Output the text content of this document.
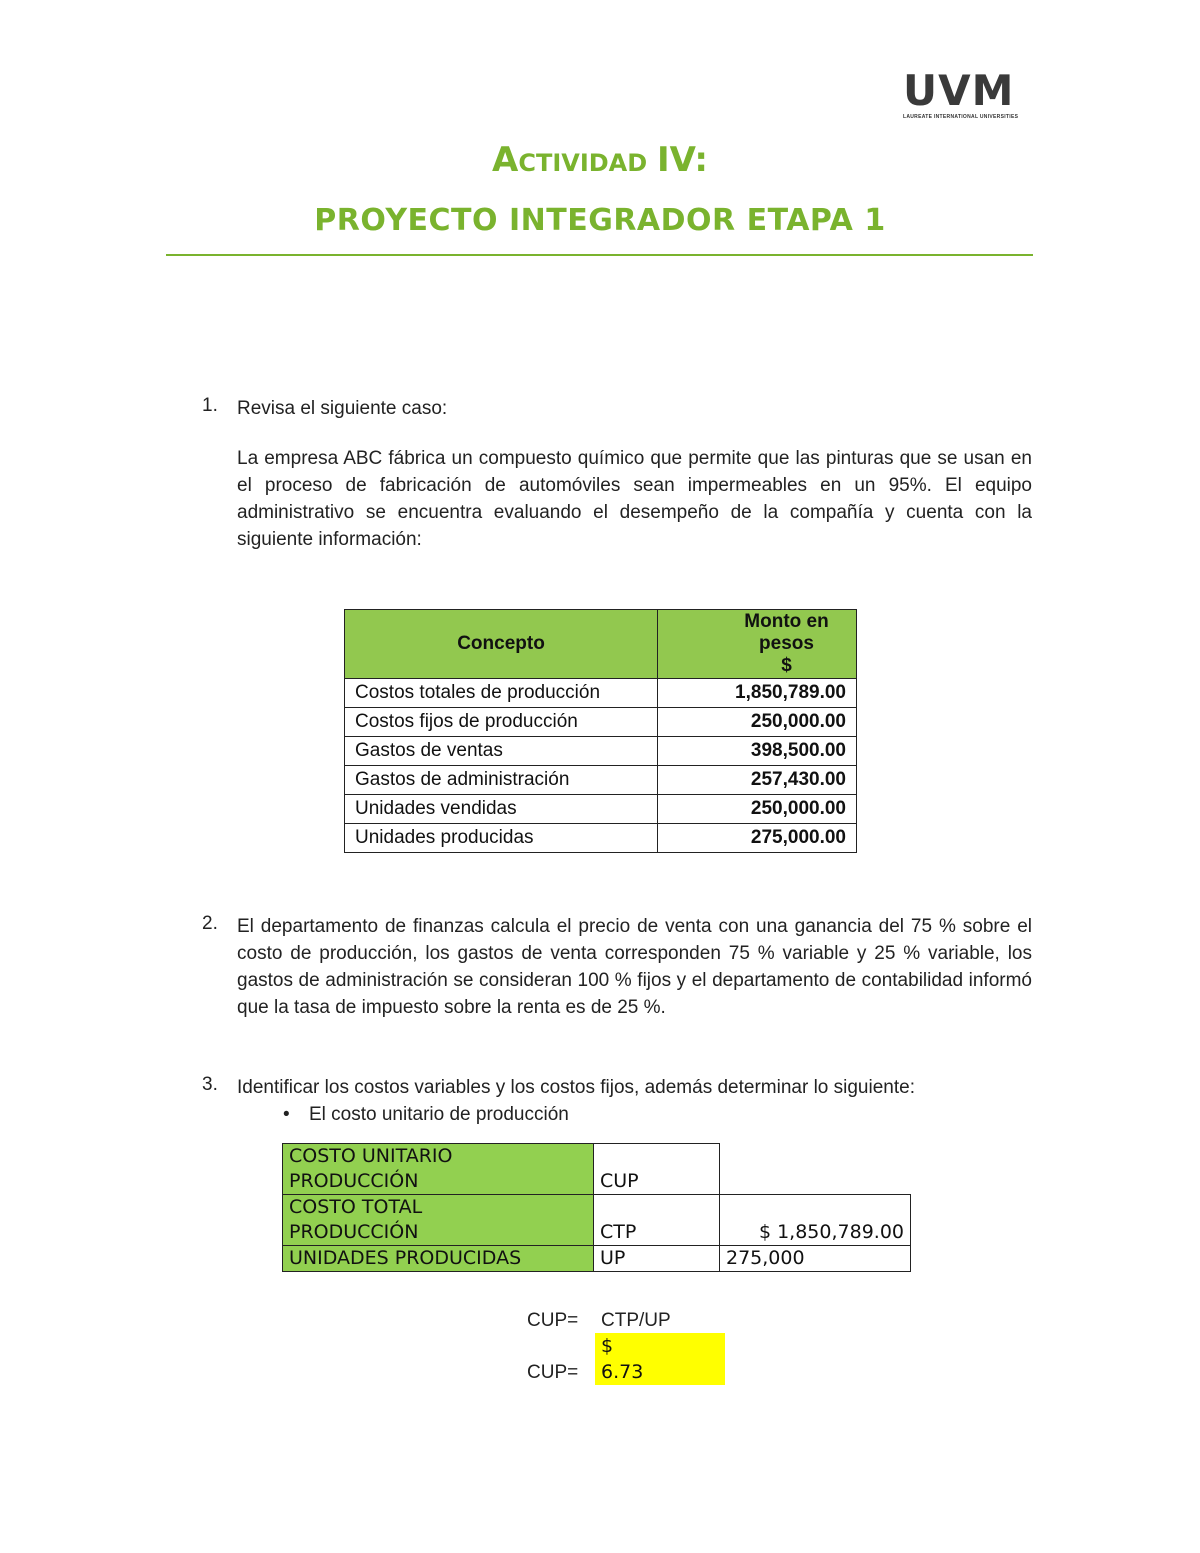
UVM
LAUREATE INTERNATIONAL UNIVERSITIES
ACTIVIDAD IV:
PROYECTO INTEGRADOR ETAPA 1
1. Revisa el siguiente caso:
La empresa ABC fábrica un compuesto químico que permite que las pinturas que se usan en el proceso de fabricación de automóviles sean impermeables en un 95%. El equipo administrativo se encuentra evaluando el desempeño de la compañía y cuenta con la siguiente información:
Concepto	Monto en pesos
$

Costos totales de producción	1,850,789.00
Costos fijos de producción	250,000.00
Gastos de ventas	398,500.00
Gastos de administración	257,430.00
Unidades vendidas	250,000.00
Unidades producidas	275,000.00
2. El departamento de finanzas calcula el precio de venta con una ganancia del 75 % sobre el costo de producción, los gastos de venta corresponden 75 % variable y 25 % variable, los gastos de administración se consideran 100 % fijos y el departamento de contabilidad informó que la tasa de impuesto sobre la renta es de 25 %.
3. Identificar los costos variables y los costos fijos, además determinar lo siguiente:
• El costo unitario de producción
COSTO UNITARIO
PRODUCCIÓN	CUP	

COSTO TOTAL
PRODUCCIÓN	CTP	$ 1,850,789.00
UNIDADES PRODUCIDAS	UP	275,000
CUP= CTP/UP
$
CUP= 6.73
